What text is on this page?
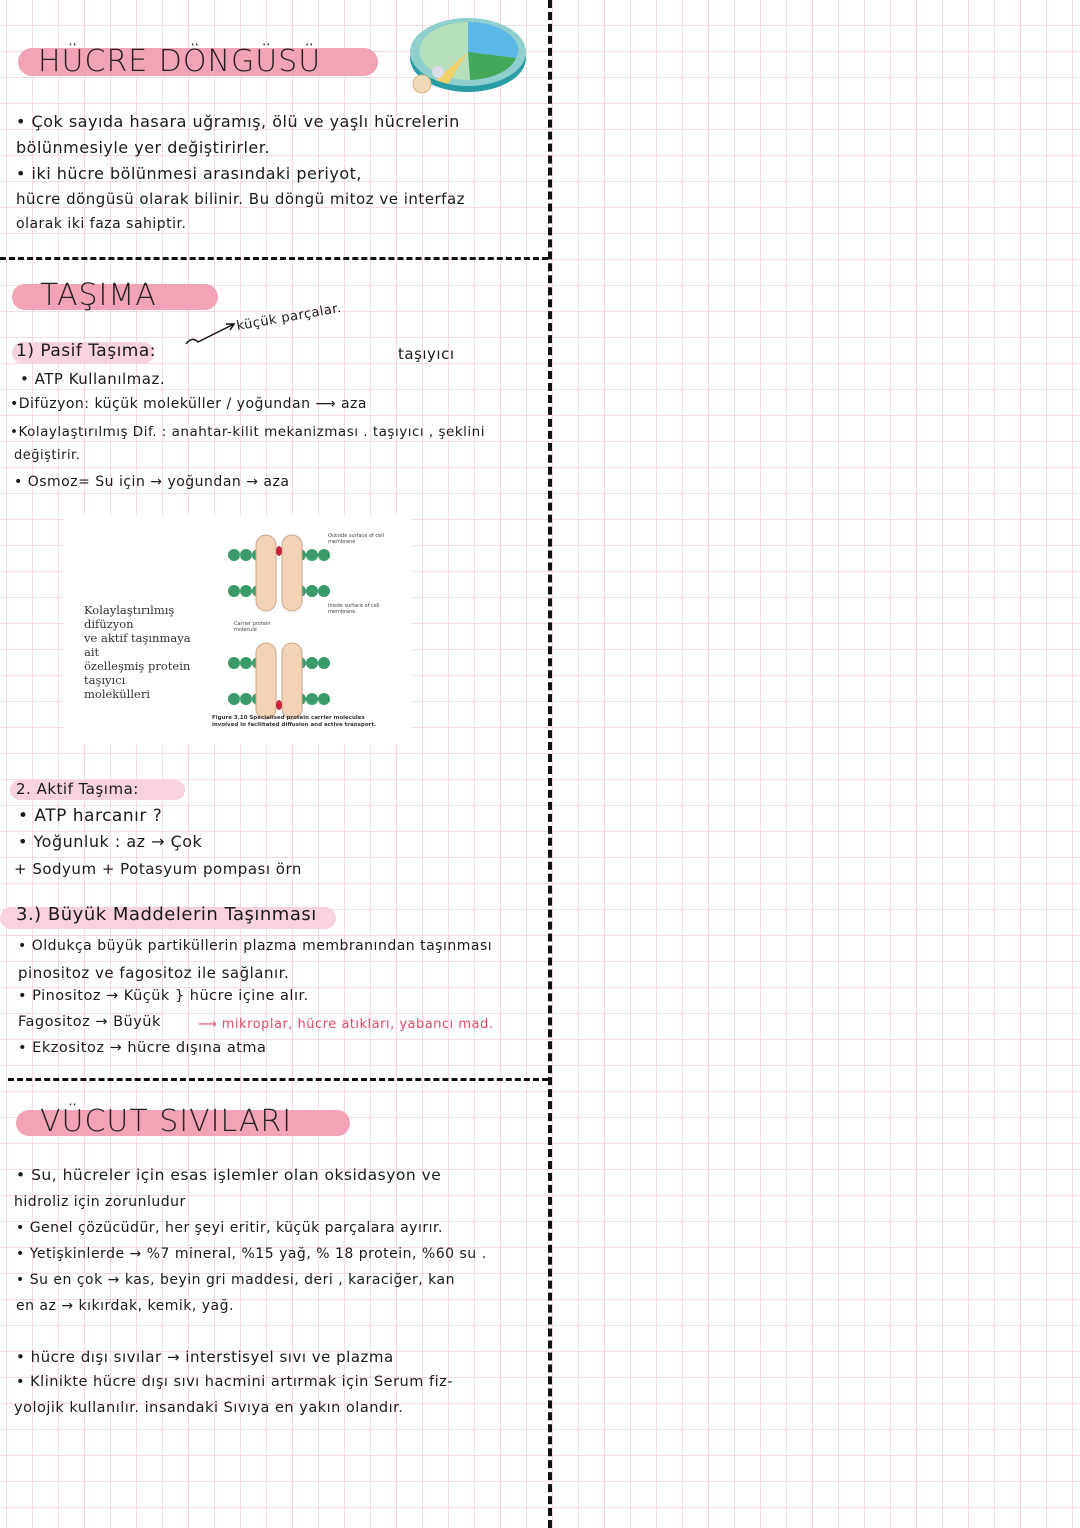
HÜCRE DÖNGÜSÜ
• Çok sayıda hasara uğramış, ölü ve yaşlı hücrelerin
bölünmesiyle yer değiştirirler.
• iki hücre bölünmesi arasındaki periyot,
hücre döngüsü olarak bilinir. Bu döngü mitoz ve interfaz
olarak iki faza sahiptir.
TAŞIMA
1) Pasif Taşıma:
küçük parçalar.
taşıyıcı
• ATP Kullanılmaz.
•Difüzyon: küçük moleküller / yoğundan ⟶ aza
•Kolaylaştırılmış Dif. : anahtar-kilit mekanizması . taşıyıcı , şeklini
değiştirir.
• Osmoz= Su için → yoğundan → aza
Kolaylaştırılmış difüzyon
ve aktif taşınmaya ait
özelleşmiş protein taşıyıcı
molekülleri
Outside surface of cell membrane
Inside surface of cell membrane
Carrier protein molecule
Figure 3.10 Specialised protein carrier molecules involved in facilitated diffusion and active transport.
2. Aktif Taşıma:
• ATP harcanır ?
• Yoğunluk : az → Çok
+ Sodyum + Potasyum pompası örn
3.) Büyük Maddelerin Taşınması
• Oldukça büyük partiküllerin plazma membranından taşınması
pinositoz ve fagositoz ile sağlanır.
• Pinositoz → Küçük } hücre içine alır.
Fagositoz → Büyük	⟶ mikroplar, hücre atıkları, yabancı mad.
• Ekzositoz → hücre dışına atma
VÜCUT SIVILARI
• Su, hücreler için esas işlemler olan oksidasyon ve
hidroliz için zorunludur
• Genel çözücüdür, her şeyi eritir, küçük parçalara ayırır.
• Yetişkinlerde → %7 mineral, %15 yağ, % 18 protein, %60 su .
• Su en çok → kas, beyin gri maddesi, deri , karaciğer, kan
en az → kıkırdak, kemik, yağ.
• hücre dışı sıvılar → interstisyel sıvı ve plazma
• Klinikte hücre dışı sıvı hacmini artırmak için Serum fiz-
yolojik kullanılır. insandaki Sıvıya en yakın olandır.
